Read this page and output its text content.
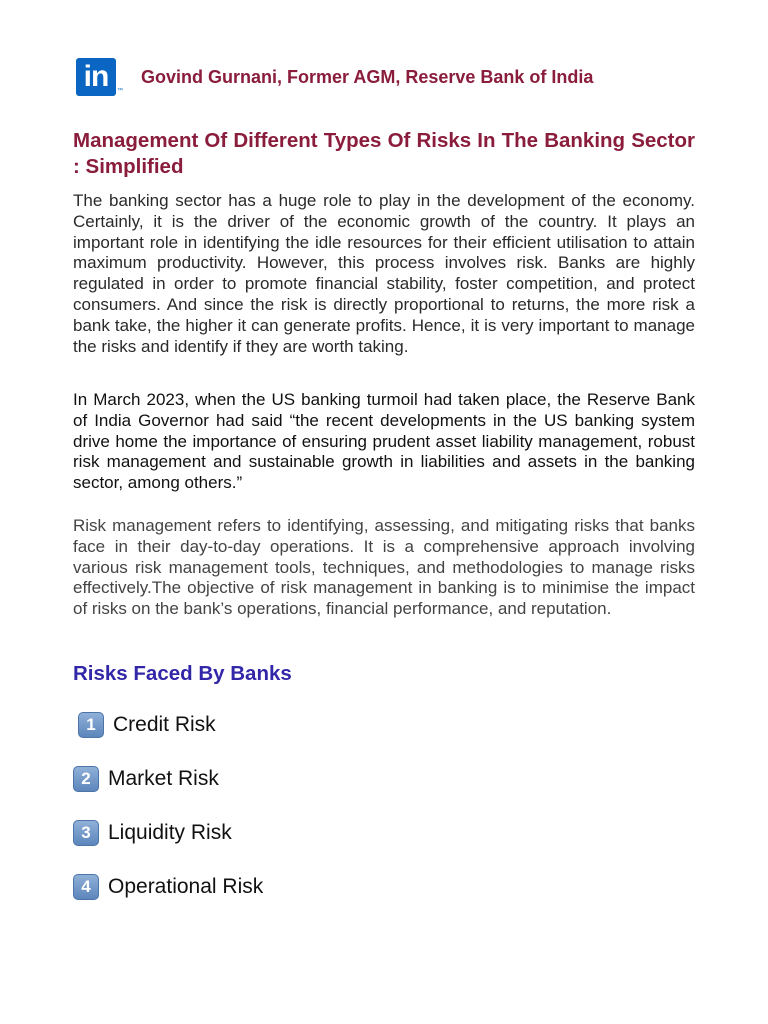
in ™
Govind Gurnani, Former AGM, Reserve Bank of India
Management Of Different Types Of Risks In The Banking Sector : Simplified

The banking sector has a huge role to play in the development of the economy. Certainly, it is the driver of the economic growth of the country. It plays an important role in identifying the idle resources for their efficient utilisation to attain maximum productivity. However, this process involves risk. Banks are highly regulated in order to promote financial stability, foster competition, and protect consumers. And since the risk is directly proportional to returns, the more risk a bank take, the higher it can generate profits. Hence, it is very important to manage the risks and identify if they are worth taking.

In March 2023, when the US banking turmoil had taken place, the Reserve Bank of India Governor had said “the recent developments in the US banking system drive home the importance of ensuring prudent asset liability management, robust risk management and sustainable growth in liabilities and assets in the banking sector, among others.”

Risk management refers to identifying, assessing, and mitigating risks that banks face in their day-to-day operations. It is a comprehensive approach involving various risk management tools, techniques, and methodologies to manage risks effectively.The objective of risk management in banking is to minimise the impact of risks on the bank’s operations, financial performance, and reputation.

Risks Faced By Banks
1 Credit Risk
2 Market Risk
3 Liquidity Risk
4 Operational Risk
